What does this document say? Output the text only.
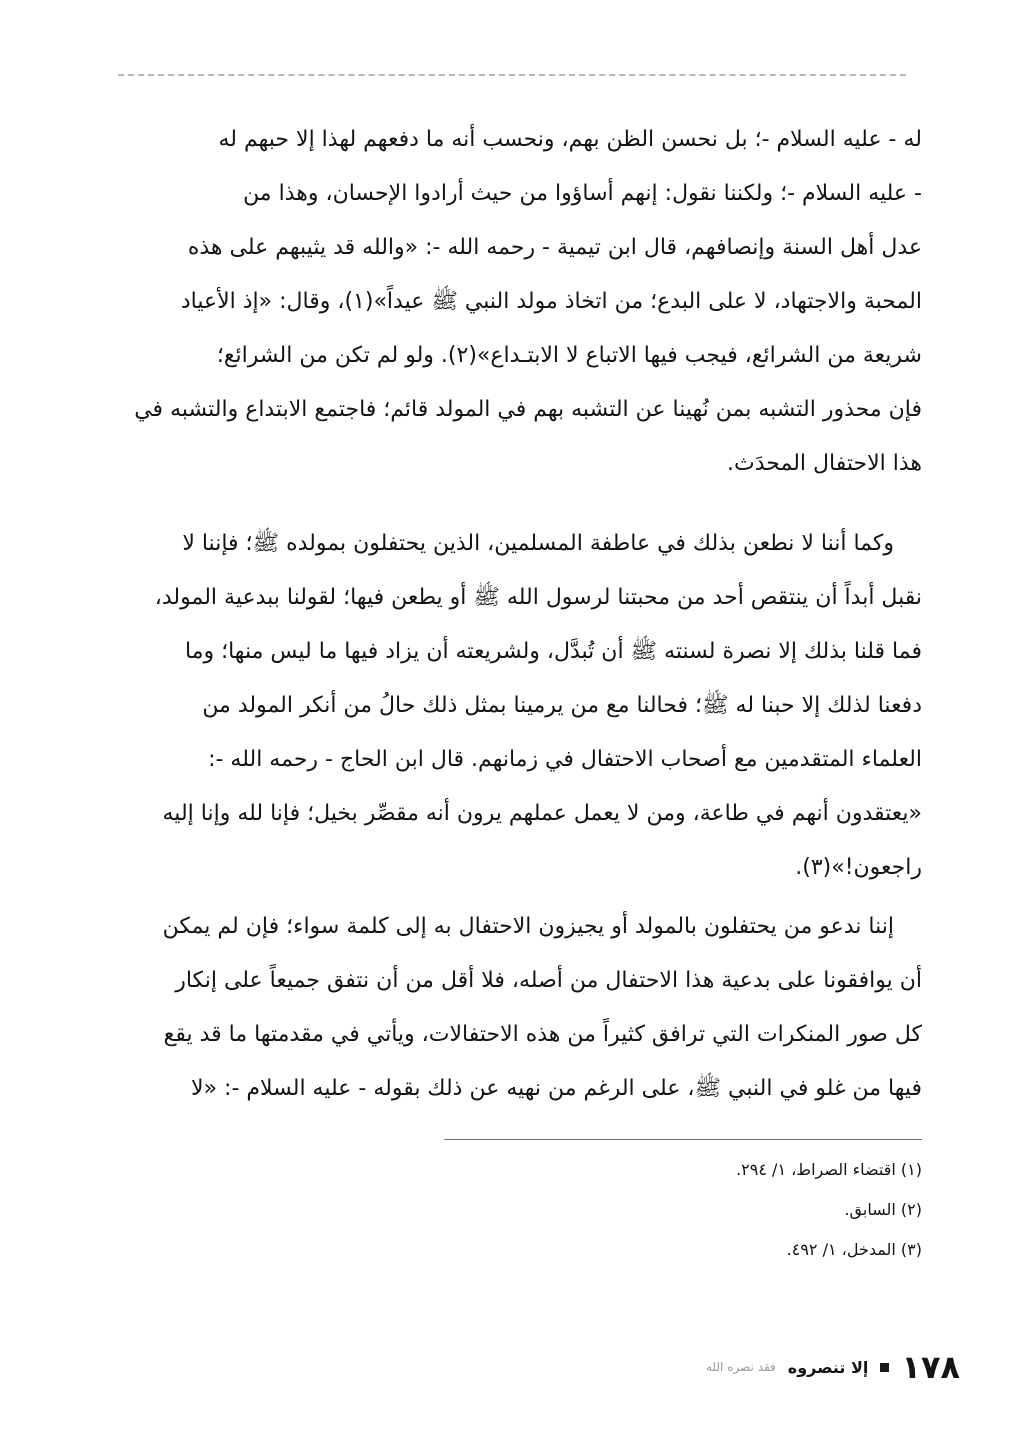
له - عليه السلام -؛ بل نحسن الظن بهم، ونحسب أنه ما دفعهم لهذا إلا حبهم له

- عليه السلام -؛ ولكننا نقول: إنهم أساؤوا من حيث أرادوا الإحسان، وهذا من

عدل أهل السنة وإنصافهم، قال ابن تيمية - رحمه الله -: «والله قد يثيبهم على هذه

المحبة والاجتهاد، لا على البدع؛ من اتخاذ مولد النبي ﷺ عيداً»(١)، وقال: «إذ الأعياد

شريعة من الشرائع، فيجب فيها الاتباع لا الابتـداع»(٢). ولو لم تكن من الشرائع؛

فإن محذور التشبه بمن نُهينا عن التشبه بهم في المولد قائم؛ فاجتمع الابتداع والتشبه في

هذا الاحتفال المحدَث.

وكما أننا لا نطعن بذلك في عاطفة المسلمين، الذين يحتفلون بمولده ﷺ؛ فإننا لا

نقبل أبداً أن ينتقص أحد من محبتنا لرسول الله ﷺ أو يطعن فيها؛ لقولنا ببدعية المولد،

فما قلنا بذلك إلا نصرة لسنته ﷺ أن تُبدَّل، ولشريعته أن يزاد فيها ما ليس منها؛ وما

دفعنا لذلك إلا حبنا له ﷺ؛ فحالنا مع من يرمينا بمثل ذلك حالُ من أنكر المولد من

العلماء المتقدمين مع أصحاب الاحتفال في زمانهم. قال ابن الحاج - رحمه الله -:

«يعتقدون أنهم في طاعة، ومن لا يعمل عملهم يرون أنه مقصِّر بخيل؛ فإنا لله وإنا إليه

راجعون!»(٣).

إننا ندعو من يحتفلون بالمولد أو يجيزون الاحتفال به إلى كلمة سواء؛ فإن لم يمكن

أن يوافقونا على بدعية هذا الاحتفال من أصله، فلا أقل من أن نتفق جميعاً على إنكار

كل صور المنكرات التي ترافق كثيراً من هذه الاحتفالات، ويأتي في مقدمتها ما قد يقع

فيها من غلو في النبي ﷺ، على الرغم من نهيه عن ذلك بقوله - عليه السلام -: «لا

(١) اقتضاء الصراط، ١/ ٢٩٤.
(٢) السابق.
(٣) المدخل، ١/ ٤٩٢.
١٧٨
إلا تنصروه
فقد نصره الله
